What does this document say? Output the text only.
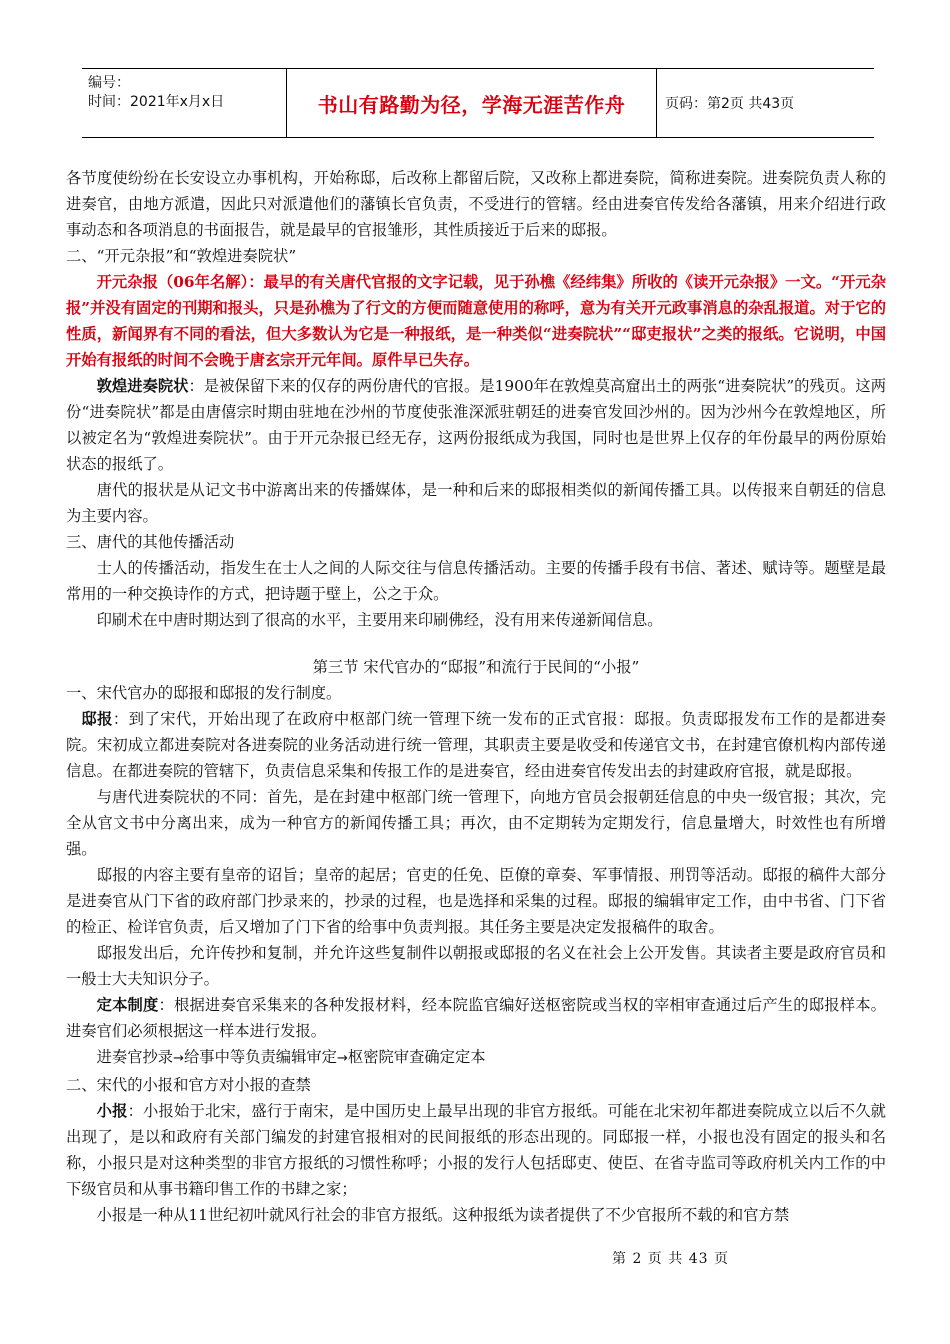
编号：
时间：2021年x月x日	书山有路勤为径，学海无涯苦作舟	页码：第2页 共43页

各节度使纷纷在长安设立办事机构，开始称邸，后改称上都留后院，又改称上都进奏院，简称进奏院。进奏院负责人称的进奏官，由地方派遣，因此只对派遣他们的藩镇长官负责，不受进行的管辖。经由进奏官传发给各藩镇，用来介绍进行政事动态和各项消息的书面报告，就是最早的官报雏形，其性质接近于后来的邸报。

二、“开元杂报”和“敦煌进奏院状”

开元杂报（06年名解）：最早的有关唐代官报的文字记载，见于孙樵《经纬集》所收的《读开元杂报》一文。“开元杂报”并没有固定的刊期和报头，只是孙樵为了行文的方便而随意使用的称呼，意为有关开元政事消息的杂乱报道。对于它的性质，新闻界有不同的看法，但大多数认为它是一种报纸，是一种类似“进奏院状”“邸吏报状”之类的报纸。它说明，中国开始有报纸的时间不会晚于唐玄宗开元年间。原件早已失存。

敦煌进奏院状：是被保留下来的仅存的两份唐代的官报。是1900年在敦煌莫高窟出土的两张“进奏院状”的残页。这两份“进奏院状”都是由唐僖宗时期由驻地在沙州的节度使张淮深派驻朝廷的进奏官发回沙州的。因为沙州今在敦煌地区，所以被定名为“敦煌进奏院状”。由于开元杂报已经无存，这两份报纸成为我国，同时也是世界上仅存的年份最早的两份原始状态的报纸了。

唐代的报状是从记文书中游离出来的传播媒体，是一种和后来的邸报相类似的新闻传播工具。以传报来自朝廷的信息为主要内容。

三、唐代的其他传播活动

士人的传播活动，指发生在士人之间的人际交往与信息传播活动。主要的传播手段有书信、著述、赋诗等。题壁是最常用的一种交换诗作的方式，把诗题于壁上，公之于众。

印刷术在中唐时期达到了很高的水平，主要用来印刷佛经，没有用来传递新闻信息。

第三节 宋代官办的“邸报”和流行于民间的“小报”

一、宋代官办的邸报和邸报的发行制度。

邸报：到了宋代，开始出现了在政府中枢部门统一管理下统一发布的正式官报：邸报。负责邸报发布工作的是都进奏院。宋初成立都进奏院对各进奏院的业务活动进行统一管理，其职责主要是收受和传递官文书，在封建官僚机构内部传递信息。在都进奏院的管辖下，负责信息采集和传报工作的是进奏官，经由进奏官传发出去的封建政府官报，就是邸报。

与唐代进奏院状的不同：首先，是在封建中枢部门统一管理下，向地方官员会报朝廷信息的中央一级官报；其次，完全从官文书中分离出来，成为一种官方的新闻传播工具；再次，由不定期转为定期发行，信息量增大，时效性也有所增强。

邸报的内容主要有皇帝的诏旨；皇帝的起居；官吏的任免、臣僚的章奏、军事情报、刑罚等活动。邸报的稿件大部分是进奏官从门下省的政府部门抄录来的，抄录的过程，也是选择和采集的过程。邸报的编辑审定工作，由中书省、门下省的检正、检详官负责，后又增加了门下省的给事中负责判报。其任务主要是决定发报稿件的取舍。

邸报发出后，允许传抄和复制，并允许这些复制件以朝报或邸报的名义在社会上公开发售。其读者主要是政府官员和一般士大夫知识分子。

定本制度：根据进奏官采集来的各种发报材料，经本院监官编好送枢密院或当权的宰相审查通过后产生的邸报样本。进奏官们必须根据这一样本进行发报。

进奏官抄录→给事中等负责编辑审定→枢密院审查确定定本

二、宋代的小报和官方对小报的查禁

小报：小报始于北宋，盛行于南宋，是中国历史上最早出现的非官方报纸。可能在北宋初年都进奏院成立以后不久就出现了，是以和政府有关部门编发的封建官报相对的民间报纸的形态出现的。同邸报一样，小报也没有固定的报头和名称，小报只是对这种类型的非官方报纸的习惯性称呼；小报的发行人包括邸吏、使臣、在省寺监司等政府机关内工作的中下级官员和从事书籍印售工作的书肆之家；

小报是一种从11世纪初叶就风行社会的非官方报纸。这种报纸为读者提供了不少官报所不载的和官方禁

第 2 页 共 43 页
